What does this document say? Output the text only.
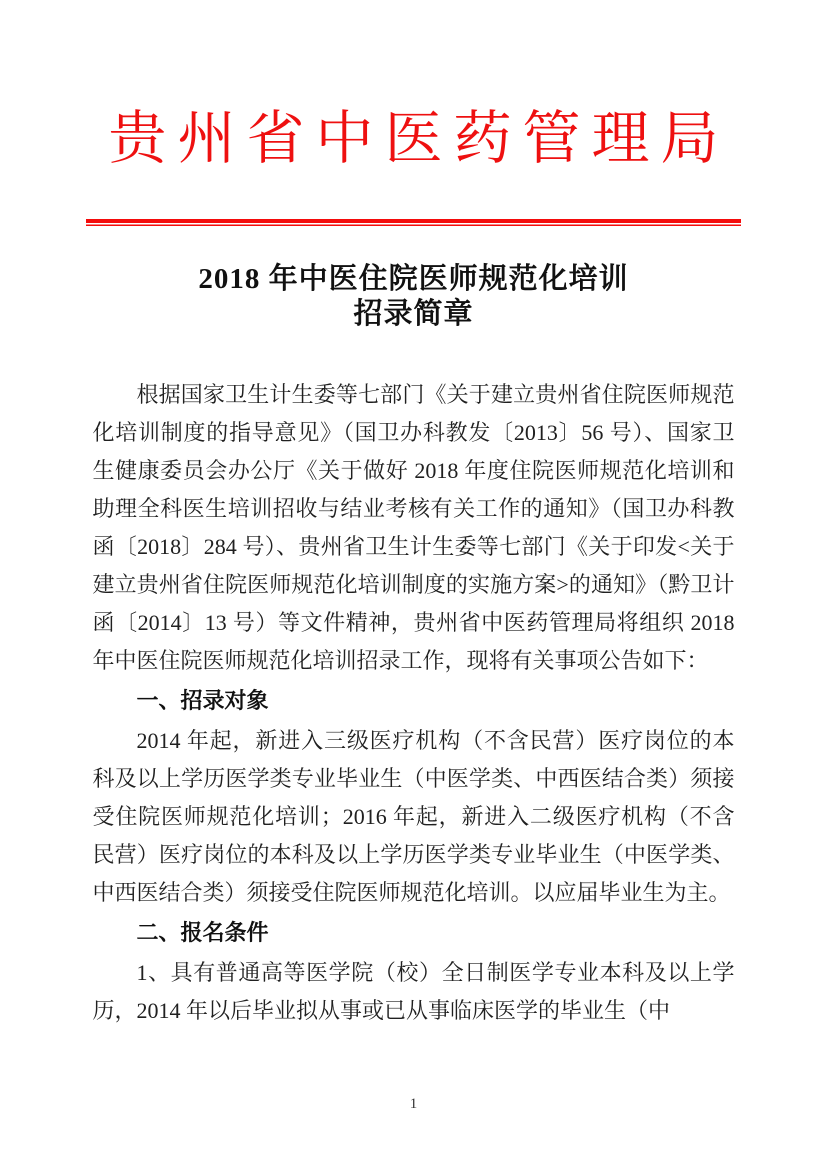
贵州省中医药管理局
2018 年中医住院医师规范化培训
招录简章

根据国家卫生计生委等七部门《关于建立贵州省住院医师规范化培训制度的指导意见》（国卫办科教发〔2013〕56 号）、国家卫生健康委员会办公厅《关于做好 2018 年度住院医师规范化培训和助理全科医生培训招收与结业考核有关工作的通知》（国卫办科教函〔2018〕284 号）、贵州省卫生计生委等七部门《关于印发<关于建立贵州省住院医师规范化培训制度的实施方案>的通知》（黔卫计函〔2014〕13 号）等文件精神，贵州省中医药管理局将组织 2018 年中医住院医师规范化培训招录工作，现将有关事项公告如下：

一、招录对象

2014 年起，新进入三级医疗机构（不含民营）医疗岗位的本科及以上学历医学类专业毕业生（中医学类、中西医结合类）须接受住院医师规范化培训；2016 年起，新进入二级医疗机构（不含民营）医疗岗位的本科及以上学历医学类专业毕业生（中医学类、中西医结合类）须接受住院医师规范化培训。以应届毕业生为主。

二、报名条件

1、具有普通高等医学院（校）全日制医学专业本科及以上学历，2014 年以后毕业拟从事或已从事临床医学的毕业生（中

1
